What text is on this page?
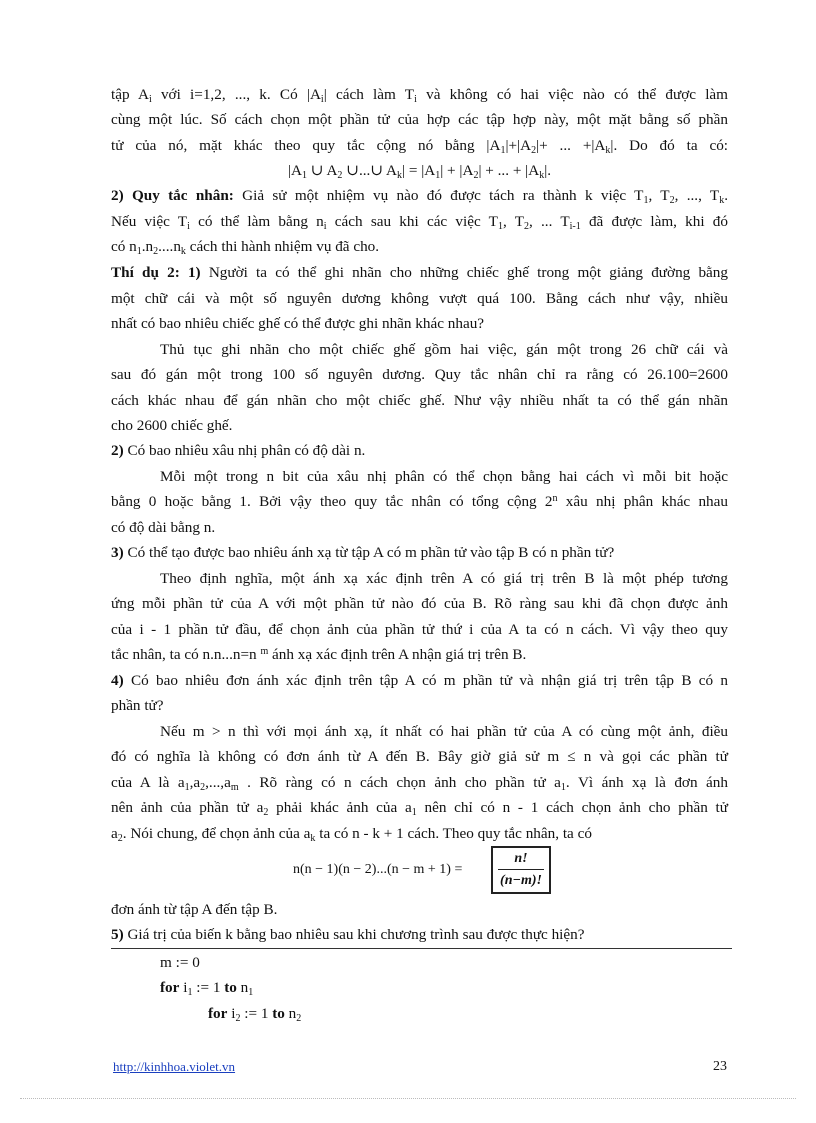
tập $A_i$ với i=1,2, ..., k. Có $|A_i|$ cách làm $T_i$ và không có hai việc nào có thể được làm
cùng một lúc. Số cách chọn một phần tử của hợp các tập hợp này, một mặt bằng số phần
tử của nó, mặt khác theo quy tắc cộng nó bằng $|A_1|+|A_2|+$ ... $+|A_k|$. Do đó ta có:
$|A_1$ ∪ $A_2$ ∪...∪ $A_k| = |A_1| + |A_2|$ + ... + $|A_k|$.
2) Quy tắc nhân: Giả sử một nhiệm vụ nào đó được tách ra thành k việc $T_1$, $T_2$, ..., $T_k$.
Nếu việc $T_i$ có thể làm bằng $n_i$ cách sau khi các việc $T_1$, $T_2$, ... $T_{i-1}$ đã được làm, khi đó
có $n_1.n_2....n_k$ cách thi hành nhiệm vụ đã cho.
Thí dụ 2: 1) Người ta có thể ghi nhãn cho những chiếc ghế trong một giảng đường bằng
một chữ cái và một số nguyên dương không vượt quá 100. Bằng cách như vậy, nhiều
nhất có bao nhiêu chiếc ghế có thể được ghi nhãn khác nhau?
Thủ tục ghi nhãn cho một chiếc ghế gồm hai việc, gán một trong 26 chữ cái và
sau đó gán một trong 100 số nguyên dương. Quy tắc nhân chỉ ra rằng có 26.100=2600
cách khác nhau để gán nhãn cho một chiếc ghế. Như vậy nhiều nhất ta có thể gán nhãn
cho 2600 chiếc ghế.
2) Có bao nhiêu xâu nhị phân có độ dài n.
Mỗi một trong n bit của xâu nhị phân có thể chọn bằng hai cách vì mỗi bit hoặc
bằng 0 hoặc bằng 1. Bởi vậy theo quy tắc nhân có tổng cộng 2$^n$ xâu nhị phân khác nhau
có độ dài bằng n.
3) Có thể tạo được bao nhiêu ánh xạ từ tập A có m phần tử vào tập B có n phần tử?
Theo định nghĩa, một ánh xạ xác định trên A có giá trị trên B là một phép tương
ứng mỗi phần tử của A với một phần tử nào đó của B. Rõ ràng sau khi đã chọn được ảnh
của i - 1 phần tử đầu, để chọn ảnh của phần tử thứ i của A ta có n cách. Vì vậy theo quy
tắc nhân, ta có n.n...n=n $^m$ ánh xạ xác định trên A nhận giá trị trên B.
4) Có bao nhiêu đơn ánh xác định trên tập A có m phần tử và nhận giá trị trên tập B có n
phần tử?
Nếu m > n thì với mọi ánh xạ, ít nhất có hai phần tử của A có cùng một ảnh, điều
đó có nghĩa là không có đơn ánh từ A đến B. Bây giờ giả sử m ≤ n và gọi các phần tử
của A là $a_1,a_2,...,a_m$ . Rõ ràng có n cách chọn ảnh cho phần tử $a_1$. Vì ánh xạ là đơn ánh
nên ảnh của phần tử $a_2$ phải khác ảnh của $a_1$ nên chỉ có n - 1 cách chọn ảnh cho phần tử
$a_2$. Nói chung, để chọn ảnh của $a_k$ ta có n - k + 1 cách. Theo quy tắc nhân, ta có
n(n − 1)(n − 2)...(n − m + 1) =
n!
(n−m)!
đơn ánh từ tập A đến tập B.
5) Giá trị của biến k bằng bao nhiêu sau khi chương trình sau được thực hiện?
m := 0
for $i_1$ := 1 to $n_1$
for $i_2$ := 1 to $n_2$
http://kinhhoa.violet.vn	23
